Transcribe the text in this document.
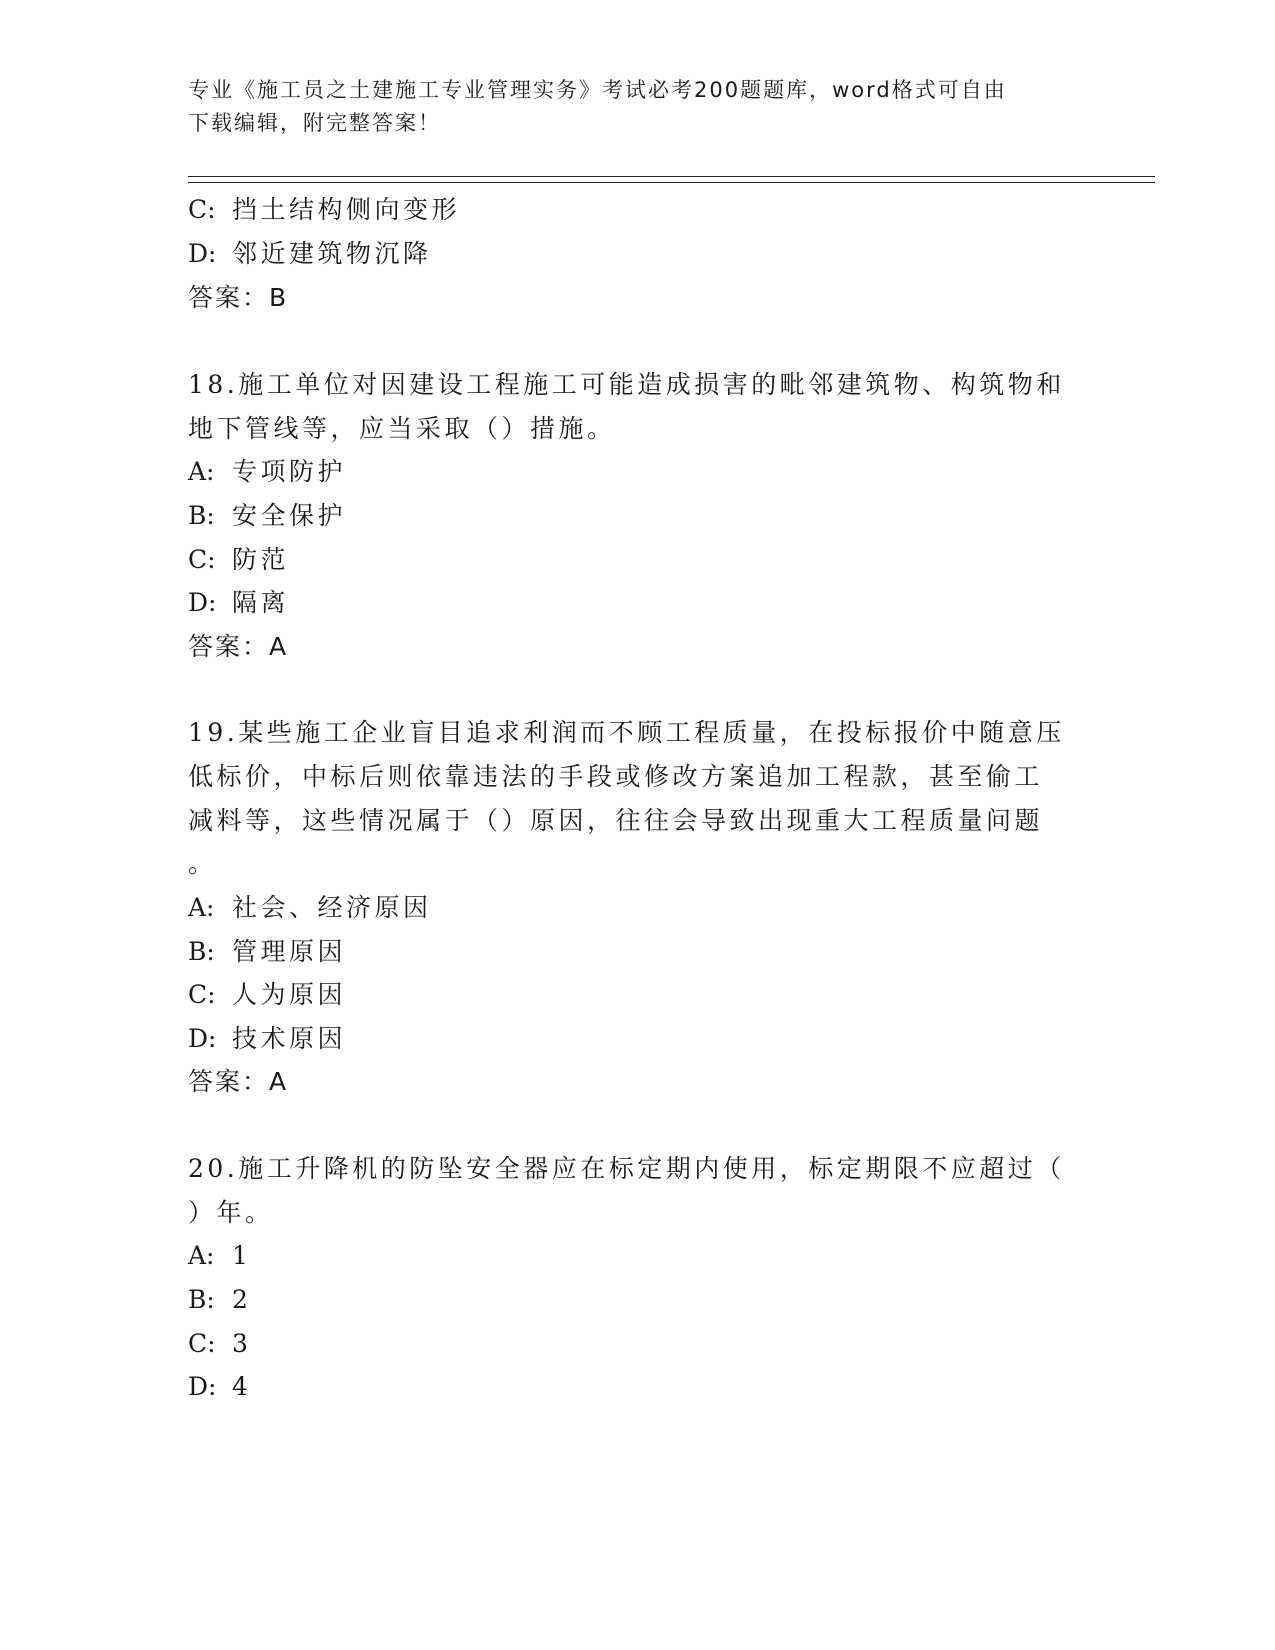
专业《施工员之土建施工专业管理实务》考试必考200题题库，word格式可自由
下载编辑，附完整答案！
C: 挡土结构侧向变形
D: 邻近建筑物沉降
答案：B
18.施工单位对因建设工程施工可能造成损害的毗邻建筑物、构筑物和
地下管线等，应当采取（）措施。
A: 专项防护
B: 安全保护
C: 防范
D: 隔离
答案：A
19.某些施工企业盲目追求利润而不顾工程质量，在投标报价中随意压
低标价，中标后则依靠违法的手段或修改方案追加工程款，甚至偷工
减料等，这些情况属于（）原因，往往会导致出现重大工程质量问题
。
A: 社会、经济原因
B: 管理原因
C: 人为原因
D: 技术原因
答案：A
20.施工升降机的防坠安全器应在标定期内使用，标定期限不应超过（
）年。
A: 1
B: 2
C: 3
D: 4
